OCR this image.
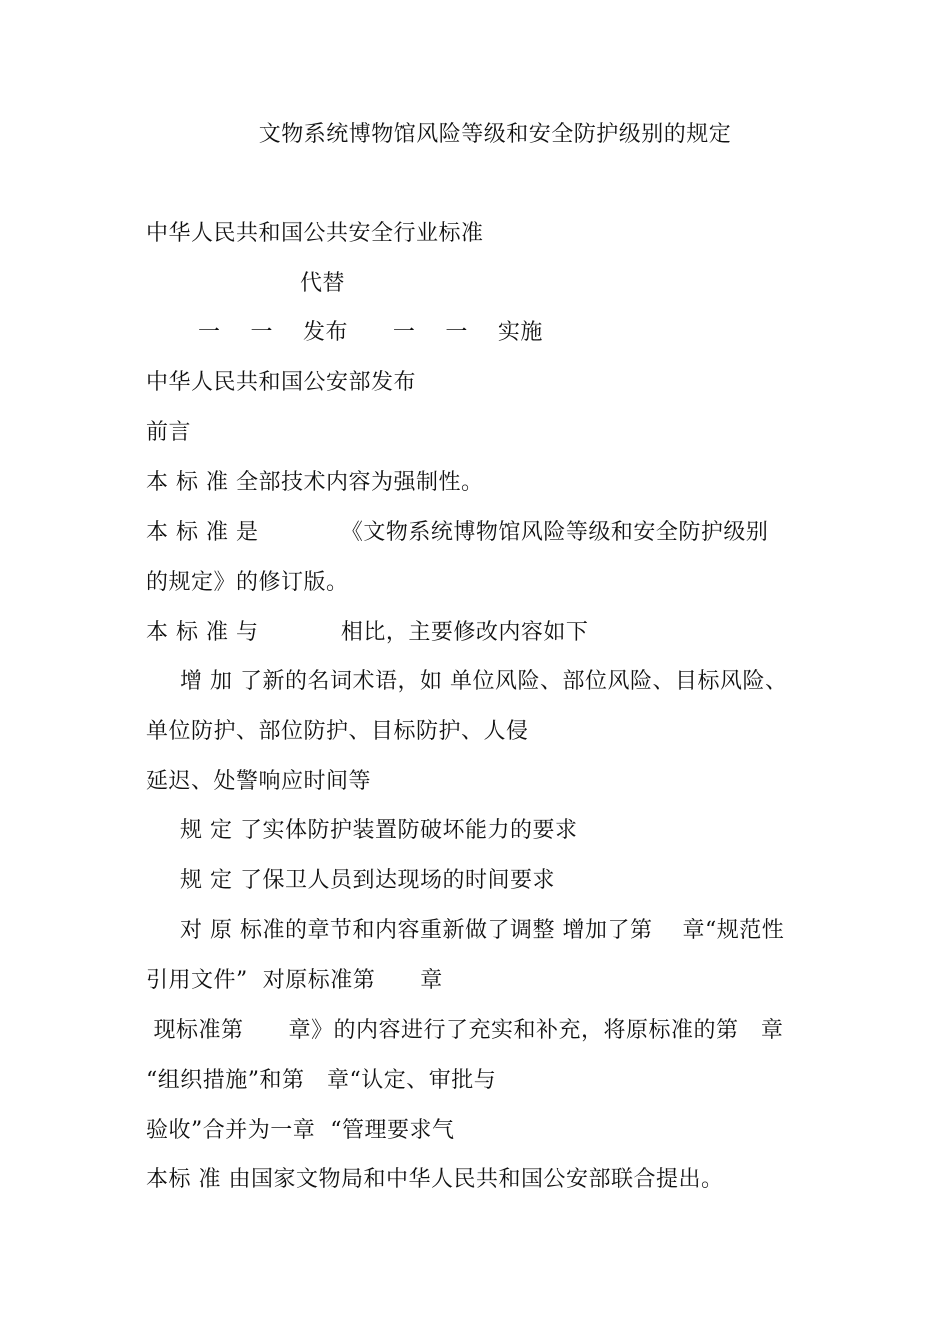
文物系统博物馆风险等级和安全防护级别的规定
中华人民共和国公共安全行业标准
代替
一    一    发布      一    一    实施
中华人民共和国公安部发布
前言
本 标 准 全部技术内容为强制性。
本 标 准 是           《文物系统博物馆风险等级和安全防护级别
的规定》的修订版。
本 标 准 与           相比，主要修改内容如下
增 加 了新的名词术语，如 单位风险、部位风险、目标风险、
单位防护、部位防护、目标防护、人侵
延迟、处警响应时间等
规 定 了实体防护装置防破坏能力的要求
规 定 了保卫人员到达现场的时间要求
对 原 标准的章节和内容重新做了调整 增加了第    章“规范性
引用文件”  对原标准第      章
现标准第      章》的内容进行了充实和补充，将原标准的第   章
“组织措施”和第   章“认定、审批与
验收”合并为一章  “管理要求气
本标 准 由国家文物局和中华人民共和国公安部联合提出。
